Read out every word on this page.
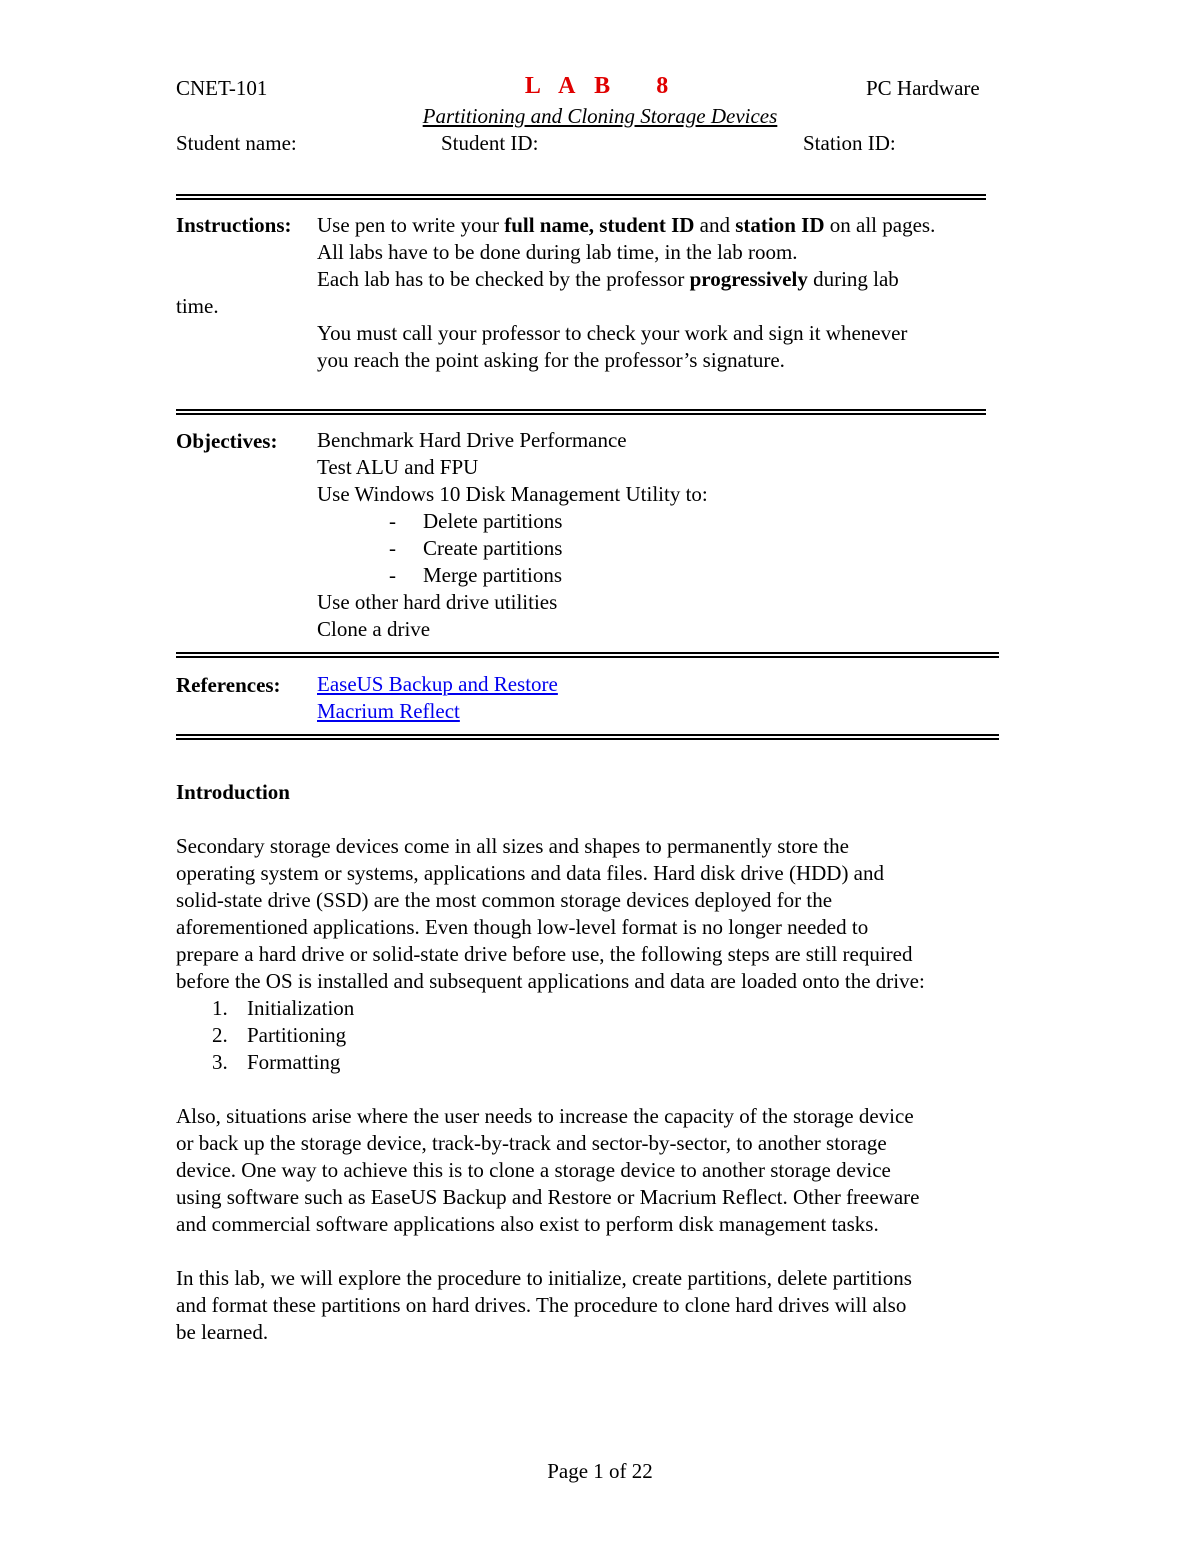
CNET-101	L A B   8	PC Hardware
Partitioning and Cloning Storage Devices
Student name:	Student ID:	Station ID:
Instructions: Use pen to write your full name, student ID and station ID on all pages.
All labs have to be done during lab time, in the lab room.
Each lab has to be checked by the professor progressively during lab
time.
You must call your professor to check your work and sign it whenever
you reach the point asking for the professor’s signature.
Objectives: Benchmark Hard Drive Performance
Test ALU and FPU
Use Windows 10 Disk Management Utility to:
- Delete partitions
- Create partitions
- Merge partitions
Use other hard drive utilities
Clone a drive
References: EaseUS Backup and Restore
Macrium Reflect
Introduction
Secondary storage devices come in all sizes and shapes to permanently store the
operating system or systems, applications and data files. Hard disk drive (HDD) and
solid-state drive (SSD) are the most common storage devices deployed for the
aforementioned applications. Even though low-level format is no longer needed to
prepare a hard drive or solid-state drive before use, the following steps are still required
before the OS is installed and subsequent applications and data are loaded onto the drive:
1. Initialization
2. Partitioning
3. Formatting
Also, situations arise where the user needs to increase the capacity of the storage device
or back up the storage device, track-by-track and sector-by-sector, to another storage
device. One way to achieve this is to clone a storage device to another storage device
using software such as EaseUS Backup and Restore or Macrium Reflect. Other freeware
and commercial software applications also exist to perform disk management tasks.
In this lab, we will explore the procedure to initialize, create partitions, delete partitions
and format these partitions on hard drives. The procedure to clone hard drives will also
be learned.
Page 1 of 22
